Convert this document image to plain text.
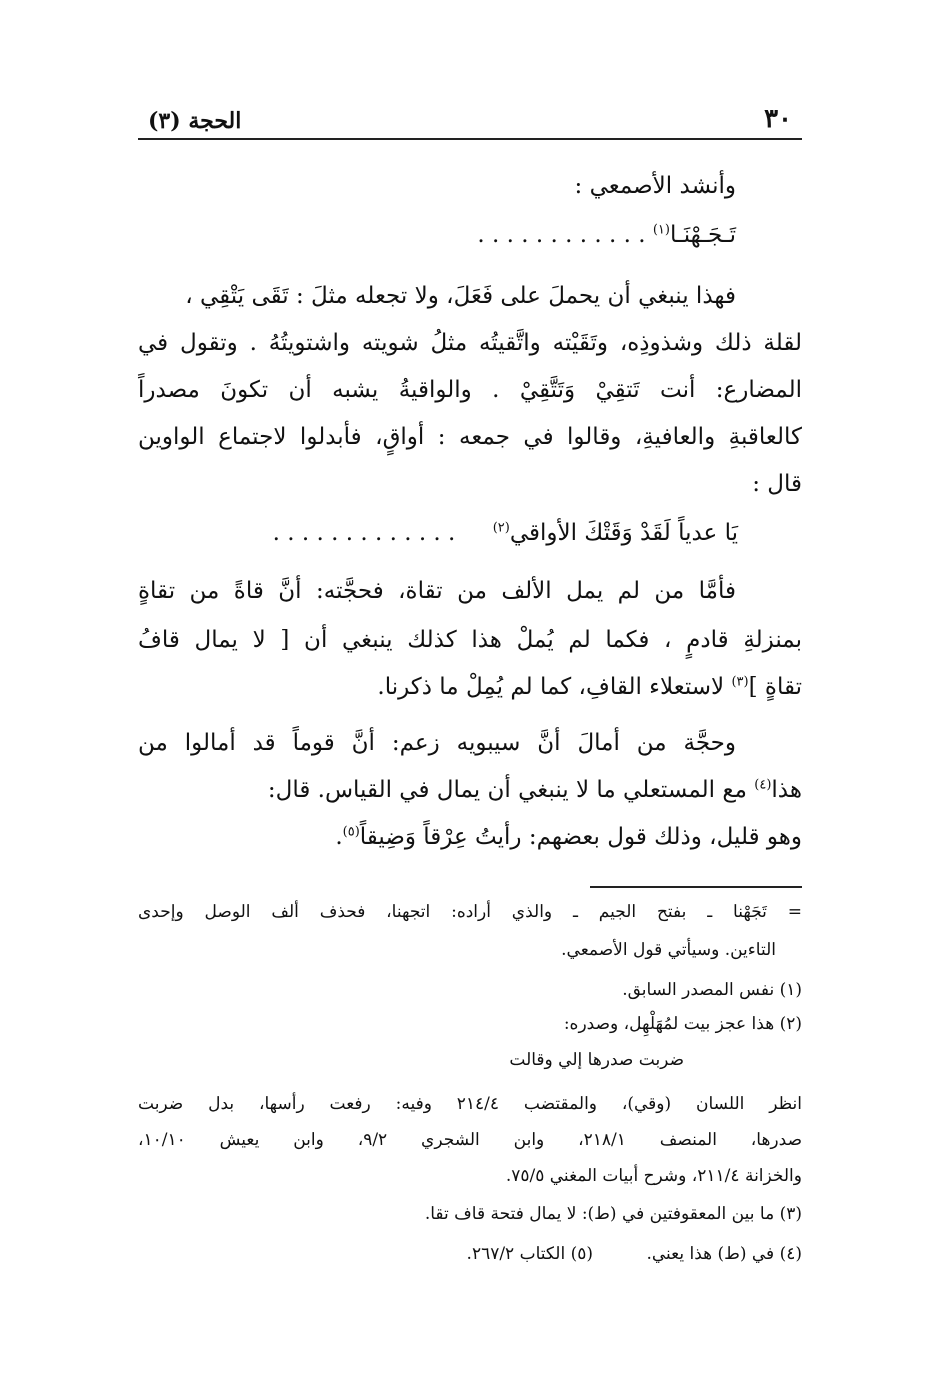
الحجة (٣)	٣٠
وأنشد الأصمعي :
تَـجَـهْنَـا$^{(١)}$ . . . . . . . . . . . .
فهذا ينبغي أن يحملَ على فَعَلَ، ولا تجعله مثلَ : تَقَى يَتْقِي ،
لقلة ذلك وشذوذِه، وتَقَيْته واتَّقيتُه مثلُ شويته واشتويتُهُ . وتقول في
المضارع: أنت تَتقِيْ وَتَتَّقِيْ . والواقيةُ يشبه أن تكونَ مصدراً
كالعاقبةِ والعافيةِ، وقالوا في جمعه : أواقٍ، فأبدلوا لاجتماع الواوين
قال :
يَا عدياً لَقَدْ وَقَتْكَ الأواقي$^{(٢)}$ . . . . . . . . . . . . .
فأمَّا من لم يمل الألف من تقاة، فحجَّته: أنَّ قاةً من تقاةٍ
بمنزلةِ قادمٍ ، فكما لم يُملْ هذا كذلك ينبغي أن [ لا يمال قافُ
تقاةٍ ]$^{(٣)}$ لاستعلاء القافِ، كما لم يُمِلْ ما ذكرنا.
وحجَّة من أمالَ أنَّ سيبويه زعم: أنَّ قوماً قد أمالوا من
هذا$^{(٤)}$ مع المستعلي ما لا ينبغي أن يمال في القياس. قال:
وهو قليل، وذلك قول بعضهم: رأيتُ عِرْقاً وَضِيقاً$^{(٥)}$.
= تَجَهْنا ـ بفتح الجيم ـ والذي أراده: اتجهنا، فحذف ألف الوصل وإحدى
التاءين. وسيأتي قول الأصمعي.
(١) نفس المصدر السابق.
(٢) هذا عجز بيت لمُهَلْهِل، وصدره:
ضربت صدرها إلي وقالت
انظر اللسان (وقي)، والمقتضب ٢١٤/٤ وفيه: رفعت رأسها، بدل ضربت
صدرها، المنصف ٢١٨/١، وابن الشجري ٩/٢، وابن يعيش ١٠/١٠،
والخزانة ٢١١/٤، وشرح أبيات المغني ٧٥/٥.
(٣) ما بين المعقوفتين في (ط): لا يمال فتحة قاف تقا.
(٤) في (ط) هذا يعني. (٥) الكتاب ٢٦٧/٢.
